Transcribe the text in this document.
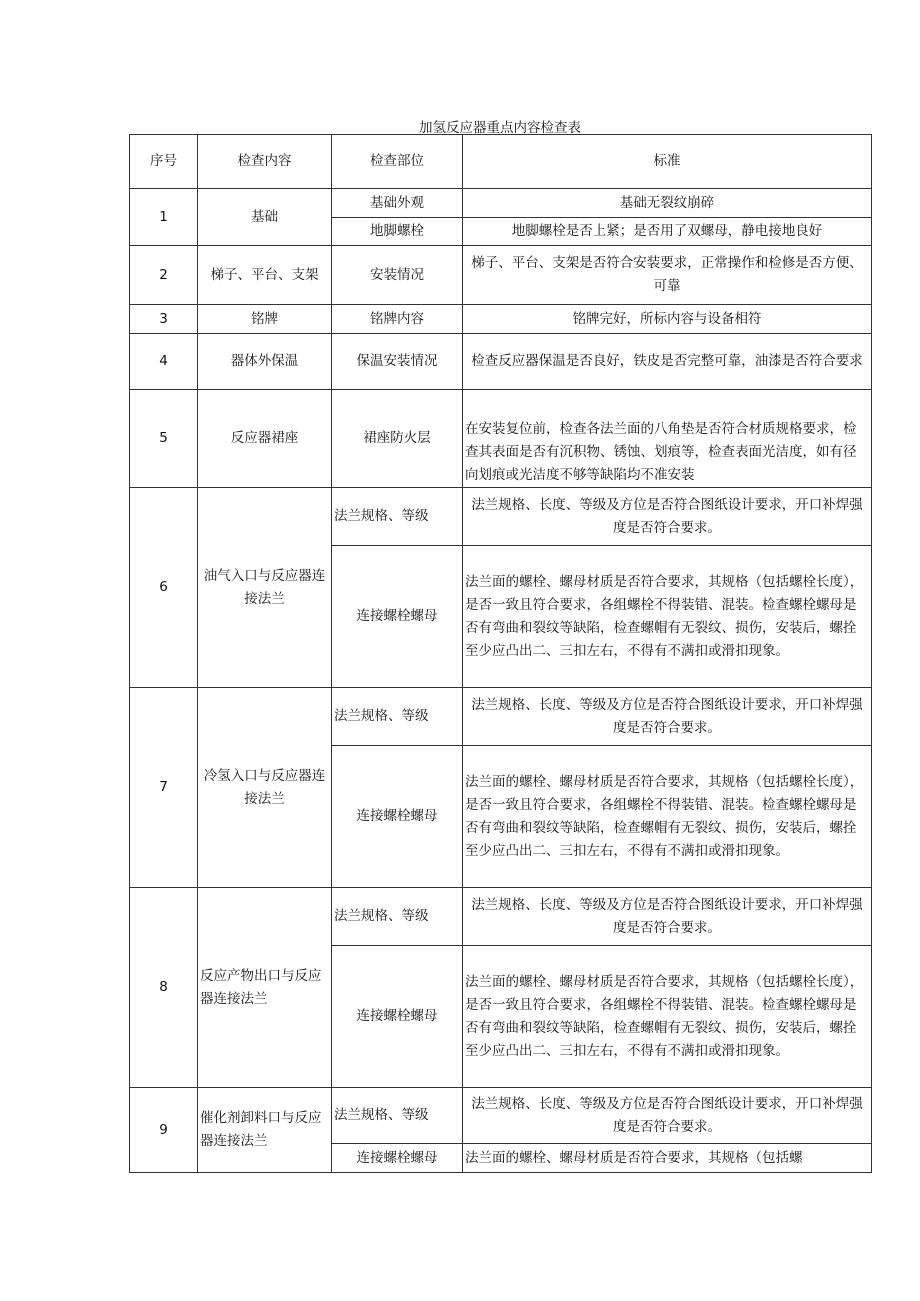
加氢反应器重点内容检查表
序号	检查内容	检查部位	标准
1	基础	基础外观	基础无裂纹崩碎
		地脚螺栓	地脚螺栓是否上紧；是否用了双螺母，静电接地良好
2	梯子、平台、支架	安装情况	梯子、平台、支架是否符合安装要求，正常操作和检修是否方便、可靠
3	铭牌	铭牌内容	铭牌完好，所标内容与设备相符
4	器体外保温	保温安装情况	检查反应器保温是否良好，铁皮是否完整可靠，油漆是否符合要求
5	反应器裙座	裙座防火层	在安装复位前，检查各法兰面的八角垫是否符合材质规格要求，检查其表面是否有沉积物、锈蚀、划痕等，检查表面光洁度，如有径向划痕或光洁度不够等缺陷均不准安装
6	油气入口与反应器连接法兰	法兰规格、等级	法兰规格、长度、等级及方位是否符合图纸设计要求，开口补焊强度是否符合要求。
		连接螺栓螺母	法兰面的螺栓、螺母材质是否符合要求，其规格（包括螺栓长度），是否一致且符合要求，各组螺栓不得装错、混装。检查螺栓螺母是否有弯曲和裂纹等缺陷，检查螺帽有无裂纹、损伤，安装后，螺拴至少应凸出二、三扣左右，不得有不满扣或滑扣现象。
7	冷氢入口与反应器连接法兰	法兰规格、等级	法兰规格、长度、等级及方位是否符合图纸设计要求，开口补焊强度是否符合要求。
		连接螺栓螺母	法兰面的螺栓、螺母材质是否符合要求，其规格（包括螺栓长度），是否一致且符合要求，各组螺栓不得装错、混装。检查螺栓螺母是否有弯曲和裂纹等缺陷，检查螺帽有无裂纹、损伤，安装后，螺拴至少应凸出二、三扣左右，不得有不满扣或滑扣现象。
8	反应产物出口与反应器连接法兰	法兰规格、等级	法兰规格、长度、等级及方位是否符合图纸设计要求，开口补焊强度是否符合要求。
		连接螺栓螺母	法兰面的螺栓、螺母材质是否符合要求，其规格（包括螺栓长度），是否一致且符合要求，各组螺栓不得装错、混装。检查螺栓螺母是否有弯曲和裂纹等缺陷，检查螺帽有无裂纹、损伤，安装后，螺拴至少应凸出二、三扣左右，不得有不满扣或滑扣现象。
9	催化剂卸料口与反应器连接法兰	法兰规格、等级	法兰规格、长度、等级及方位是否符合图纸设计要求，开口补焊强度是否符合要求。
		连接螺栓螺母	法兰面的螺栓、螺母材质是否符合要求，其规格（包括螺
